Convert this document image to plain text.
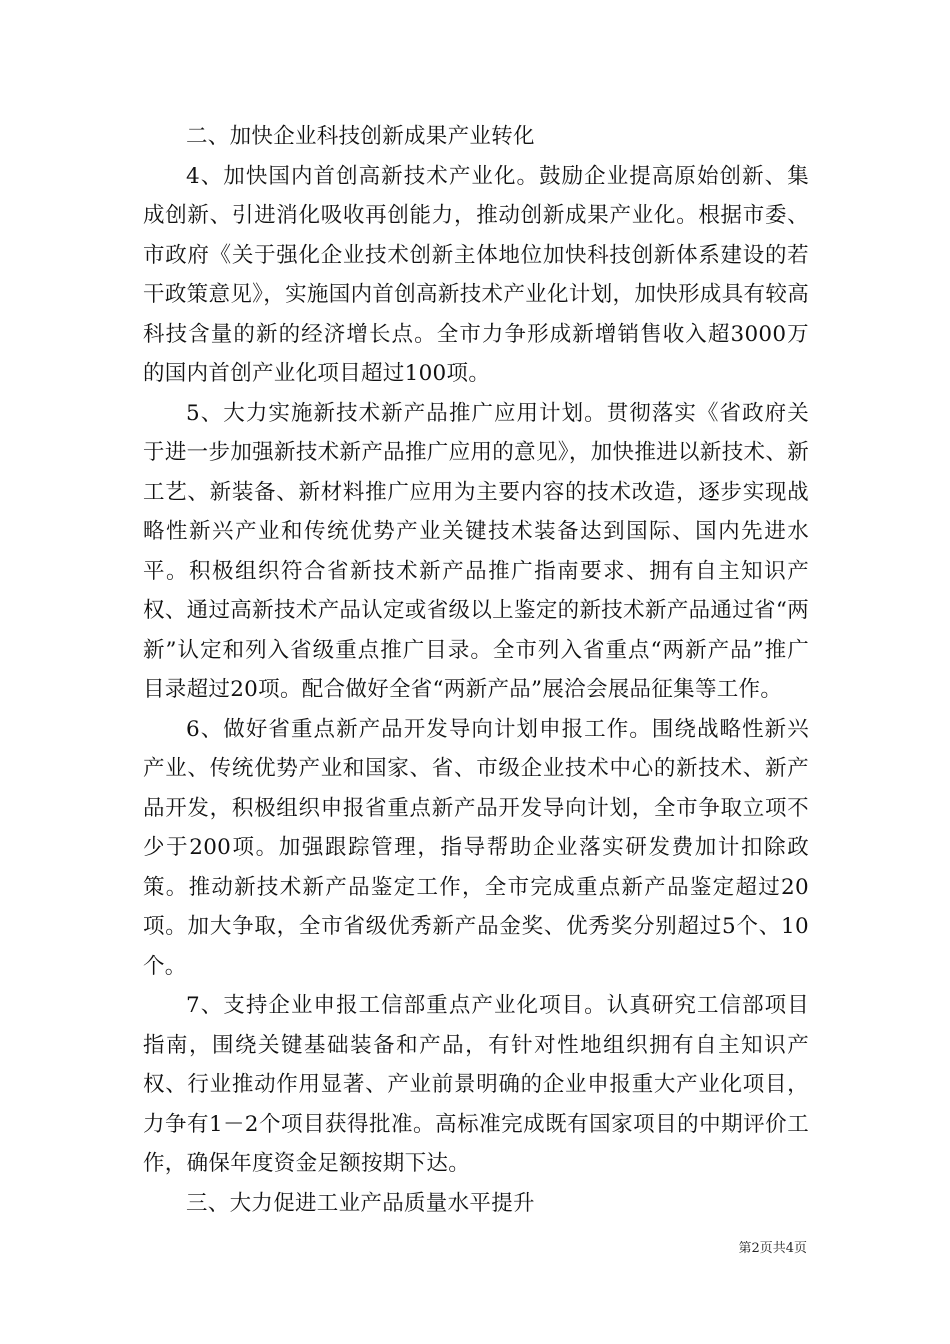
二、加快企业科技创新成果产业转化

4、加快国内首创高新技术产业化。鼓励企业提高原始创新、集成创新、引进消化吸收再创能力，推动创新成果产业化。根据市委、市政府《关于强化企业技术创新主体地位加快科技创新体系建设的若干政策意见》，实施国内首创高新技术产业化计划，加快形成具有较高科技含量的新的经济增长点。全市力争形成新增销售收入超3000万的国内首创产业化项目超过100项。

5、大力实施新技术新产品推广应用计划。贯彻落实《省政府关于进一步加强新技术新产品推广应用的意见》，加快推进以新技术、新工艺、新装备、新材料推广应用为主要内容的技术改造，逐步实现战略性新兴产业和传统优势产业关键技术装备达到国际、国内先进水平。积极组织符合省新技术新产品推广指南要求、拥有自主知识产权、通过高新技术产品认定或省级以上鉴定的新技术新产品通过省“两新”认定和列入省级重点推广目录。全市列入省重点“两新产品”推广目录超过20项。配合做好全省“两新产品”展洽会展品征集等工作。

6、做好省重点新产品开发导向计划申报工作。围绕战略性新兴产业、传统优势产业和国家、省、市级企业技术中心的新技术、新产品开发，积极组织申报省重点新产品开发导向计划，全市争取立项不少于200项。加强跟踪管理，指导帮助企业落实研发费加计扣除政策。推动新技术新产品鉴定工作，全市完成重点新产品鉴定超过20项。加大争取，全市省级优秀新产品金奖、优秀奖分别超过5个、10个。

7、支持企业申报工信部重点产业化项目。认真研究工信部项目指南，围绕关键基础装备和产品，有针对性地组织拥有自主知识产权、行业推动作用显著、产业前景明确的企业申报重大产业化项目，力争有1－2个项目获得批准。高标准完成既有国家项目的中期评价工作，确保年度资金足额按期下达。

三、大力促进工业产品质量水平提升

第2页共4页
